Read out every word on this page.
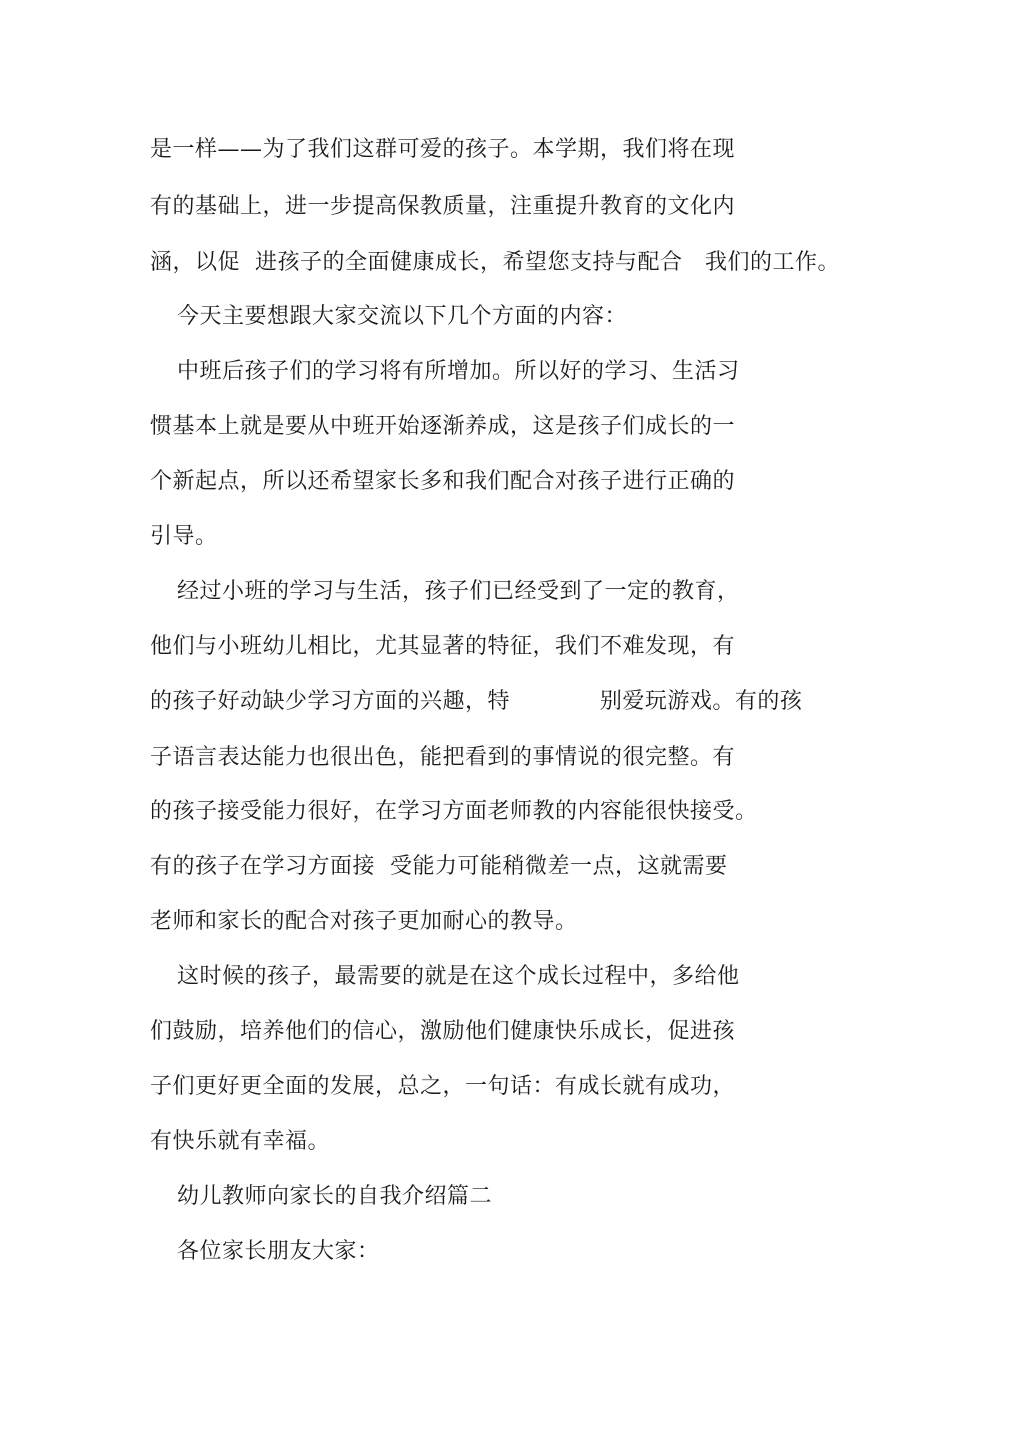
是一样——为了我们这群可爱的孩子。本学期，我们将在现
有的基础上，进一步提高保教质量，注重提升教育的文化内
涵，以促  进孩子的全面健康成长，希望您支持与配合   我们的工作。
今天主要想跟大家交流以下几个方面的内容：
中班后孩子们的学习将有所增加。所以好的学习、生活习
惯基本上就是要从中班开始逐渐养成，这是孩子们成长的一
个新起点，所以还希望家长多和我们配合对孩子进行正确的
引导。
经过小班的学习与生活，孩子们已经受到了一定的教育，
他们与小班幼儿相比，尤其显著的特征，我们不难发现，有
的孩子好动缺少学习方面的兴趣，特            别爱玩游戏。有的孩
子语言表达能力也很出色，能把看到的事情说的很完整。有
的孩子接受能力很好，在学习方面老师教的内容能很快接受。
有的孩子在学习方面接  受能力可能稍微差一点，这就需要
老师和家长的配合对孩子更加耐心的教导。
这时候的孩子，最需要的就是在这个成长过程中，多给他
们鼓励，培养他们的信心，激励他们健康快乐成长，促进孩
子们更好更全面的发展，总之，一句话：有成长就有成功，
有快乐就有幸福。
幼儿教师向家长的自我介绍篇二
各位家长朋友大家：
